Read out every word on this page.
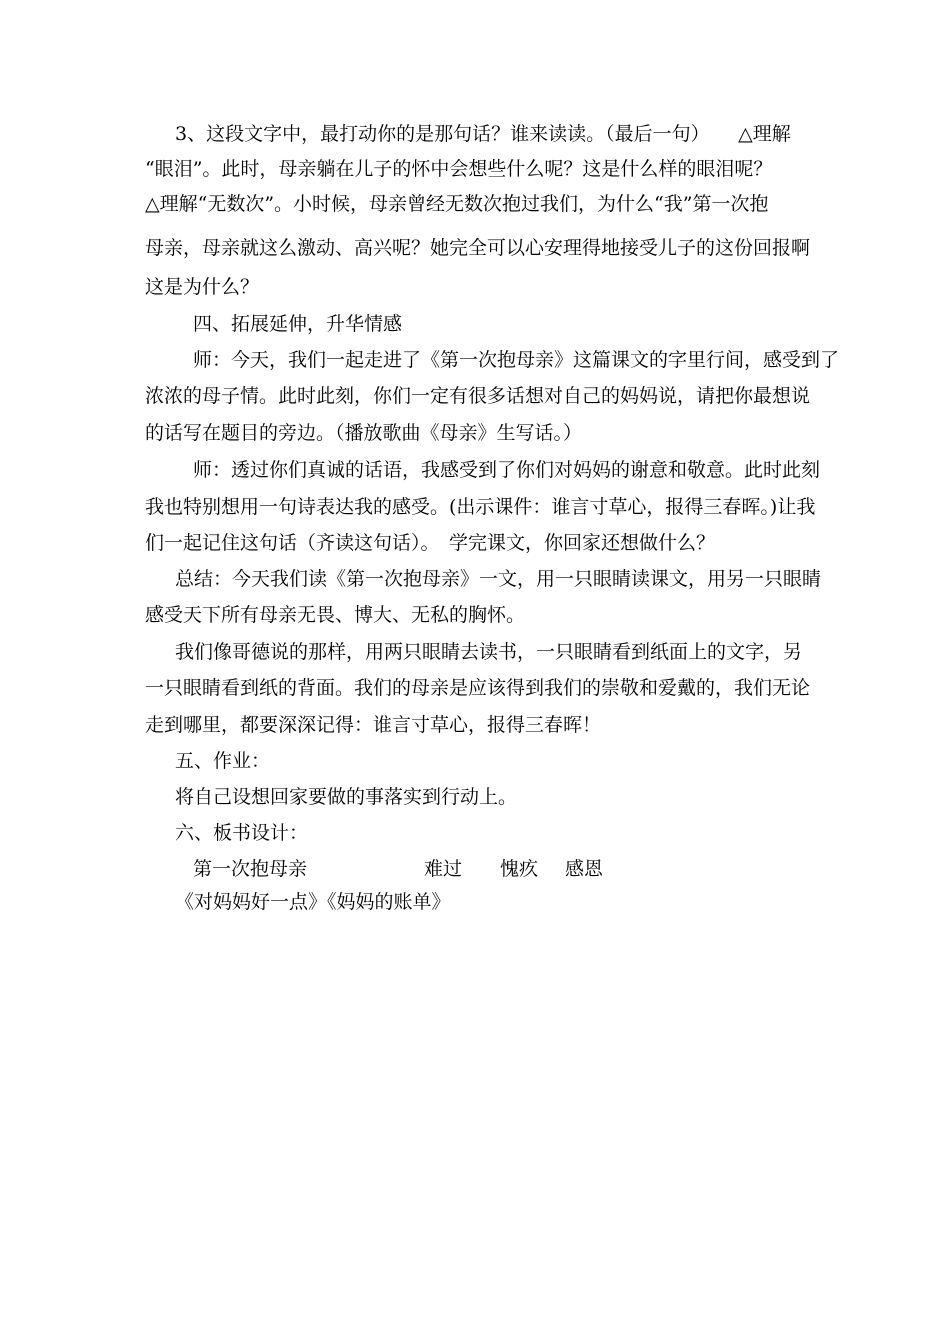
3、这段文字中，最打动你的是那句话？谁来读读。（最后一句）　　△理解
“眼泪”。此时，母亲躺在儿子的怀中会想些什么呢？这是什么样的眼泪呢？
△理解“无数次”。小时候，母亲曾经无数次抱过我们，为什么“我”第一次抱
母亲，母亲就这么激动、高兴呢？她完全可以心安理得地接受儿子的这份回报啊
这是为什么？
四、拓展延伸，升华情感
师：今天，我们一起走进了《第一次抱母亲》这篇课文的字里行间，感受到了
浓浓的母子情。此时此刻，你们一定有很多话想对自己的妈妈说，请把你最想说
的话写在题目的旁边。（播放歌曲《母亲》生写话。）
师：透过你们真诚的话语，我感受到了你们对妈妈的谢意和敬意。此时此刻
我也特别想用一句诗表达我的感受。(出示课件：谁言寸草心，报得三春晖。)让我
们一起记住这句话（齐读这句话）。　学完课文，你回家还想做什么？
总结：今天我们读《第一次抱母亲》一文，用一只眼睛读课文，用另一只眼睛
感受天下所有母亲无畏、博大、无私的胸怀。
我们像哥德说的那样，用两只眼睛去读书，一只眼睛看到纸面上的文字，另
一只眼睛看到纸的背面。我们的母亲是应该得到我们的崇敬和爱戴的，我们无论
走到哪里，都要深深记得：谁言寸草心，报得三春晖！
五、作业：
将自己设想回家要做的事落实到行动上。
六、板书设计：
第一次抱母亲	难过 愧疚 感恩
《对妈妈好一点》《妈妈的账单》
